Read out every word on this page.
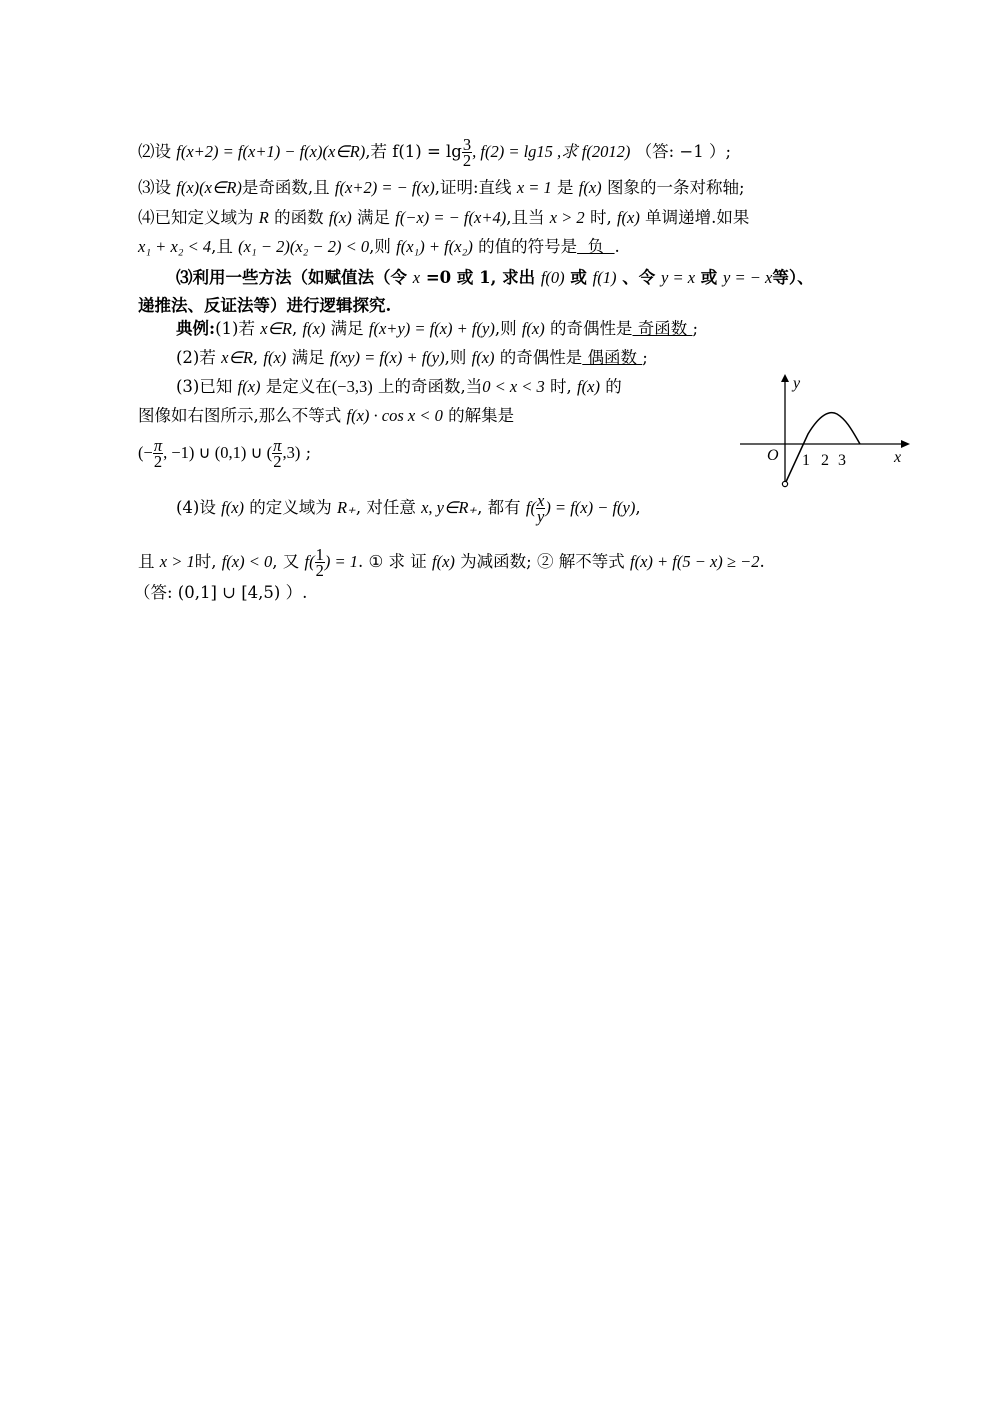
⑵设 f(x+2) = f(x+1) − f(x)(x∈R),若 $f(1) = \lg \frac{3}{2}$ , f(2) = lg15 ,求 f(2012) （答: −1 ）;
⑶设 f(x)(x∈R)是奇函数,且 f(x+2) = − f(x),证明:直线 x = 1 是 f(x) 图象的一条对称轴;
⑷已知定义域为 R 的函数 f(x) 满足 f(−x) = − f(x+4),且当 x > 2 时, f(x) 单调递增.如果
x₁ + x₂ < 4,且 (x₁ − 2)(x₂ − 2) < 0,则 f(x₁) + f(x₂) 的值的符号是  负  .
⑶利用一些方法（如赋值法（令 x =0 或 1, 求出 f(0) 或 f(1) 、令 y = x 或 y = − x等）、
递推法、反证法等）进行逻辑探究.
典例:(1)若 x∈R, f(x) 满足 f(x+y) = f(x) + f(y),则 f(x) 的奇偶性是 奇函数 ;
(2)若 x∈R, f(x) 满足 f(xy) = f(x) + f(y),则 f(x) 的奇偶性是 偶函数 ;
(3)已知 f(x) 是定义在(−3,3) 上的奇函数,当0 < x < 3 时, f(x) 的
图像如右图所示,那么不等式 f(x) · cos x < 0 的解集是
(− $\frac{\pi}{2}$ , −1) ∪ (0,1) ∪ ( $\frac{\pi}{2} ,3$) ;
y
x
O 1 2 3
(4)设 f(x) 的定义域为 R₊, 对任意 x, y∈R₊, 都有 $f( \frac{x}{y}$ ) = f(x) − f(y),
且 x > 1时, f(x) < 0, 又 $f( \frac{1}{2}$ ) = 1. ① 求 证 f(x) 为减函数; ② 解不等式 f(x) + f(5 − x) ≥ −2.
（答: (0,1] ∪ [4,5) ）.
